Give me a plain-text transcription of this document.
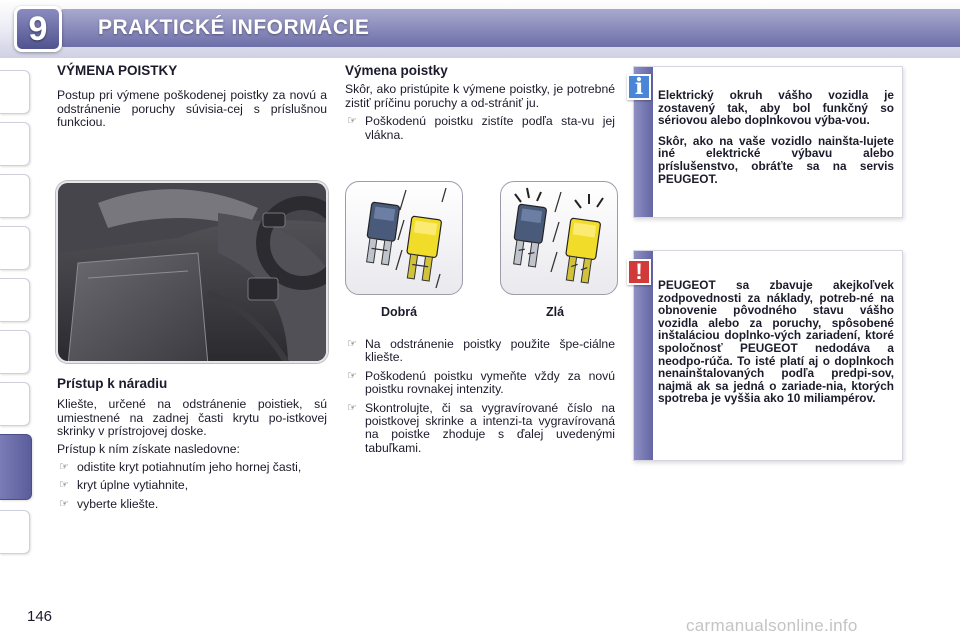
9	PRAKTICKÉ INFORMÁCIE
VÝMENA POISTKY
Postup pri výmene poškodenej poistky za novú a odstránenie poruchy súvisia-cej s príslušnou funkciou.
Prístup k náradiu
Kliešte, určené na odstránenie poistiek, sú umiestnené na zadnej časti krytu po-istkovej skrinky v prístrojovej doske.
Prístup k ním získate nasledovne:
☞ odistite kryt potiahnutím jeho hornej časti,
☞ kryt úplne vytiahnite,
☞ vyberte kliešte.
Výmena poistky
Skôr, ako pristúpite k výmene poistky, je potrebné zistiť príčinu poruchy a od-strániť ju.
☞ Poškodenú poistku zistíte podľa sta-vu jej vlákna.
Dobrá	Zlá
☞ Na odstránenie poistky použite špe-ciálne kliešte.
☞ Poškodenú poistku vymeňte vždy za novú poistku rovnakej intenzity.
☞ Skontrolujte, či sa vygravírované číslo na poistkovej skrinke a intenzi-ta vygravírovaná na poistke zhoduje s ďalej uvedenými tabuľkami.

Elektrický okruh vášho vozidla je zostavený tak, aby bol funkčný so sériovou alebo doplnkovou výba-vou.

Skôr, ako na vaše vozidlo nainšta-lujete iné elektrické výbavu alebo príslušenstvo, obráťte sa na servis PEUGEOT.

i

PEUGEOT sa zbavuje akejkoľvek zodpovednosti za náklady, potreb-né na obnovenie pôvodného stavu vášho vozidla alebo za poruchy, spôsobené inštaláciou doplnko-vých zariadení, ktoré spoločnosť PEUGEOT nedodáva a neodpo-rúča. To isté platí aj o doplnkoch nenainštalovaných podľa predpi-sov, najmä ak sa jedná o zariade-nia, ktorých spotreba je vyššia ako 10 miliampérov.

!
146	carmanualsonline.info
